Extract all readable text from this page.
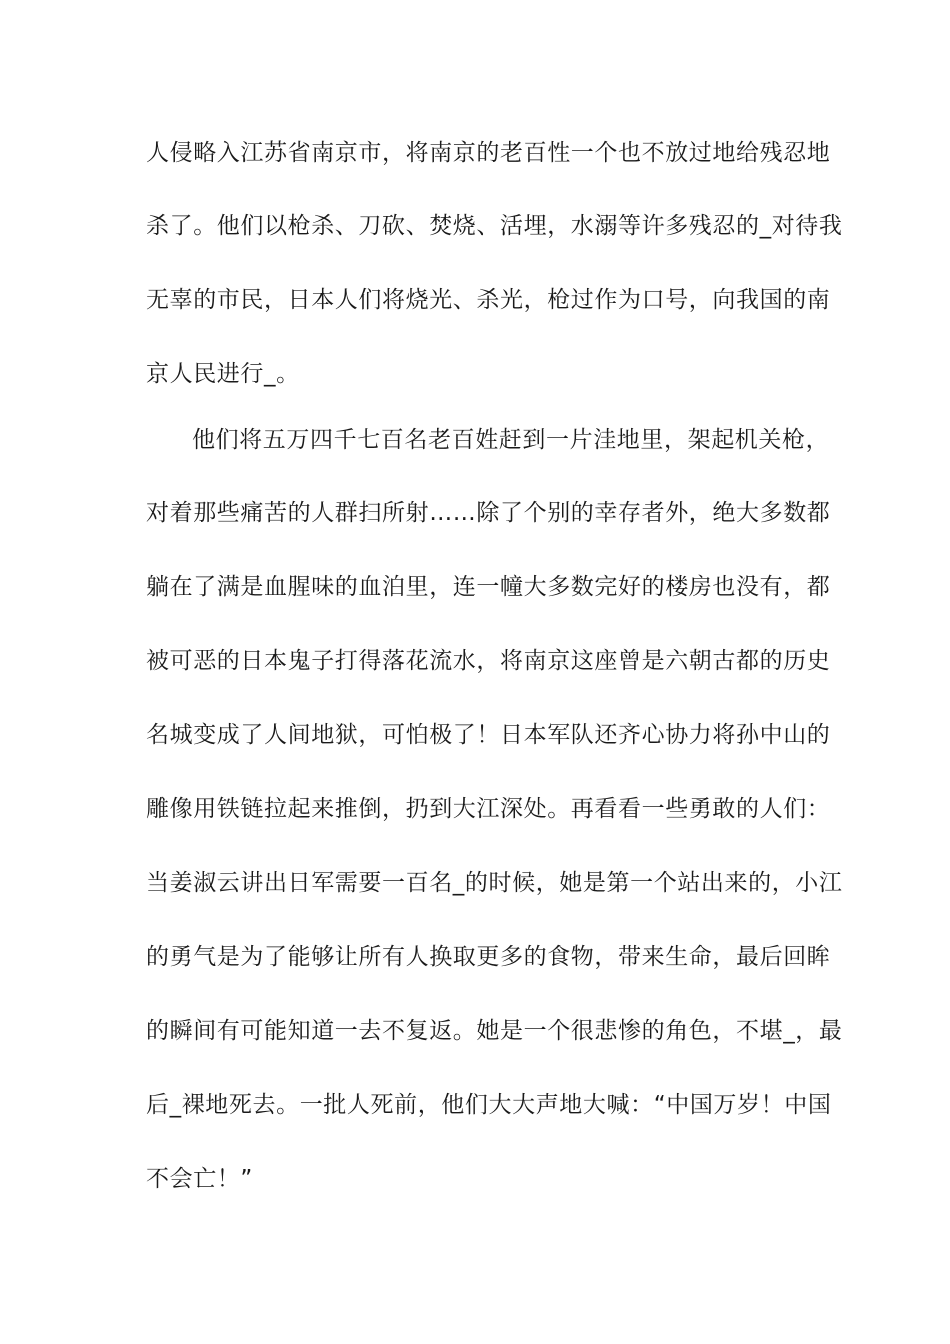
人侵略入江苏省南京市，将南京的老百性一个也不放过地给残忍地
杀了。他们以枪杀、刀砍、焚烧、活埋，水溺等许多残忍的_对待我
无辜的市民，日本人们将烧光、杀光，枪过作为口号，向我国的南
京人民进行_。
他们将五万四千七百名老百姓赶到一片洼地里，架起机关枪，
对着那些痛苦的人群扫所射……除了个别的幸存者外，绝大多数都
躺在了满是血腥味的血泊里，连一幢大多数完好的楼房也没有，都
被可恶的日本鬼子打得落花流水，将南京这座曾是六朝古都的历史
名城变成了人间地狱，可怕极了！日本军队还齐心协力将孙中山的
雕像用铁链拉起来推倒，扔到大江深处。再看看一些勇敢的人们：
当姜淑云讲出日军需要一百名_的时候，她是第一个站出来的，小江
的勇气是为了能够让所有人换取更多的食物，带来生命，最后回眸
的瞬间有可能知道一去不复返。她是一个很悲惨的角色，不堪_，最
后_裸地死去。一批人死前，他们大大声地大喊：“中国万岁！中国
不会亡！”
